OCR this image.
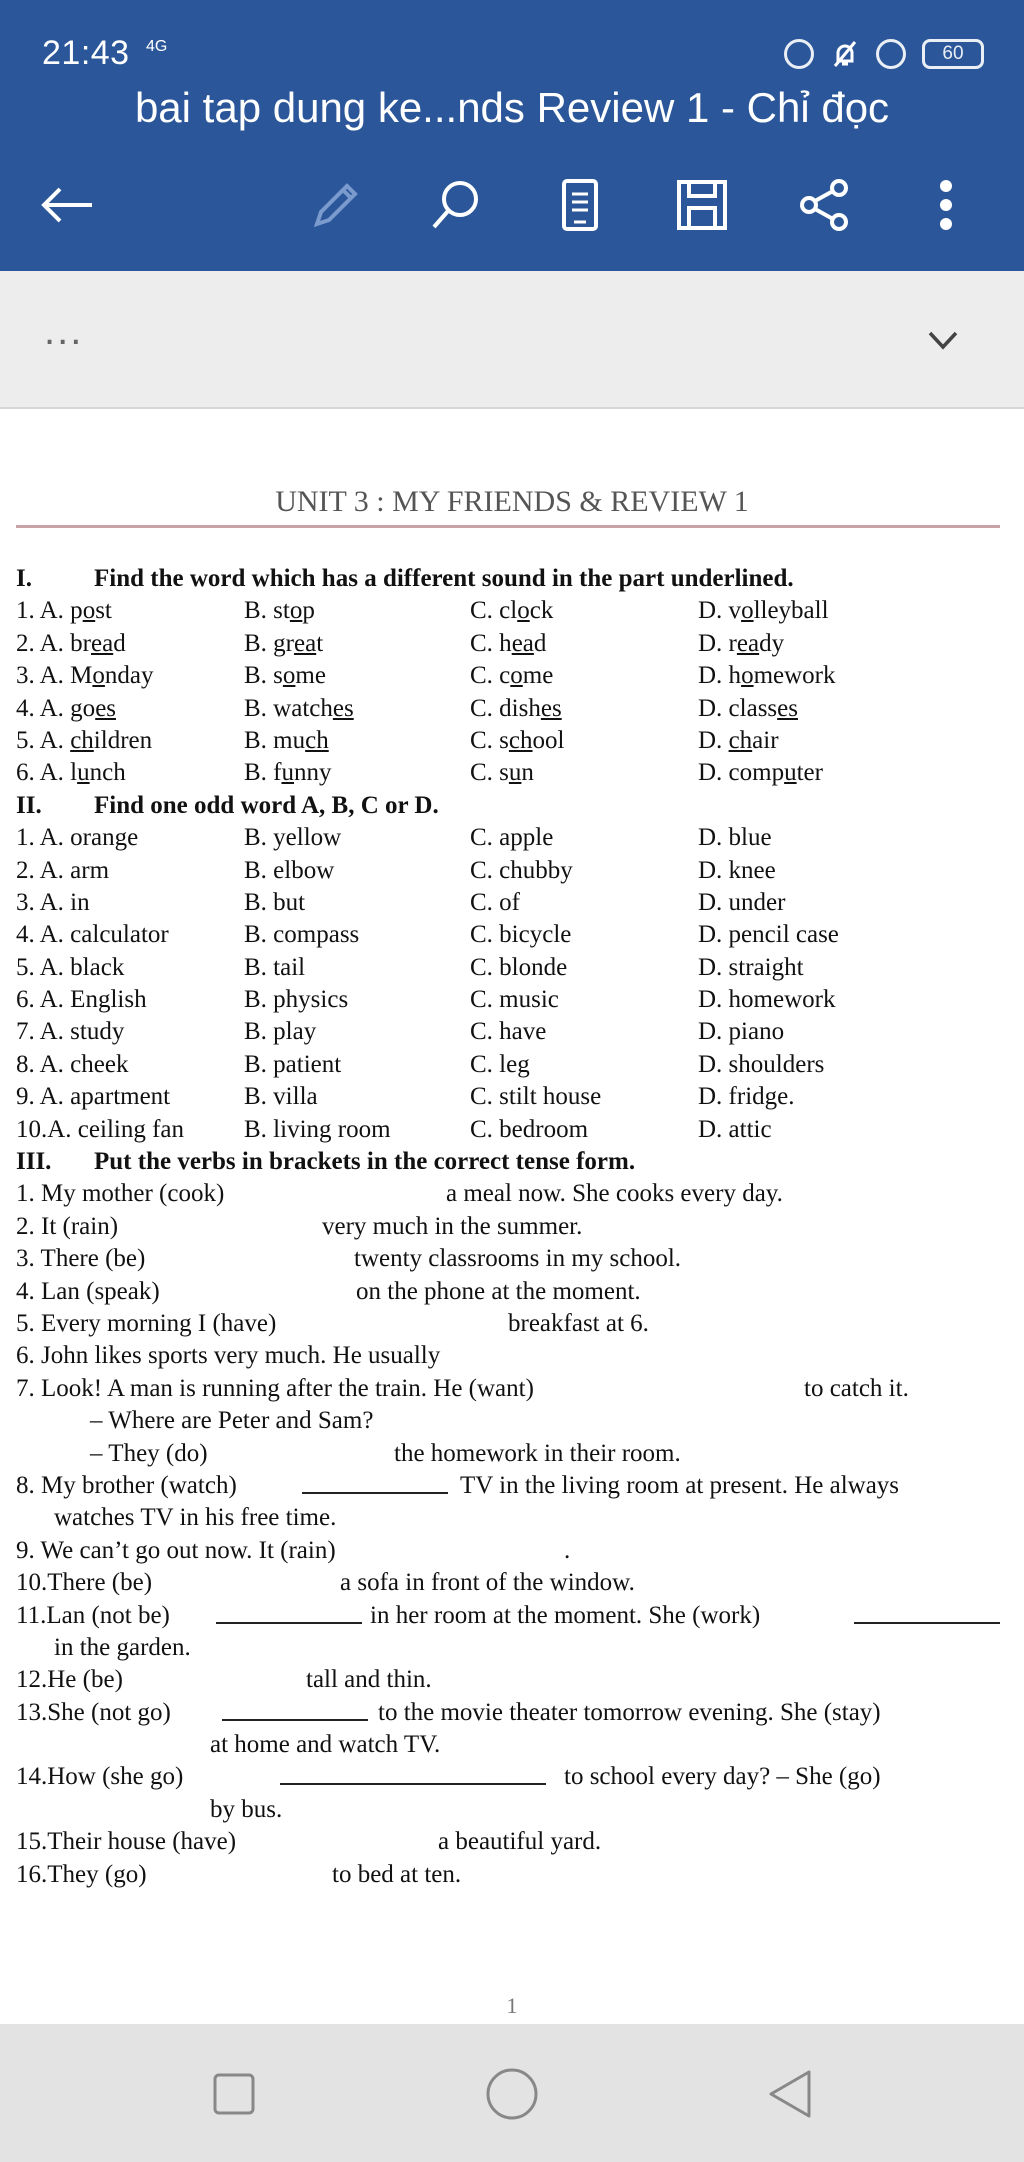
21:43 4G	60
bai tap dung ke...nds Review 1 - Chỉ đọc
...
UNIT 3 : MY FRIENDS & REVIEW 1
I. Find the word which has a different sound in the part underlined.
1. A. post	B. stop	C. clock	D. volleyball
2. A. bread	B. great	C. head	D. ready
3. A. Monday	B. some	C. come	D. homework
4. A. goes	B. watches	C. dishes	D. classes
5. A. children	B. much	C. school	D. chair
6. A. lunch	B. funny	C. sun	D. computer
II. Find one odd word A, B, C or D.
1. A. orange	B. yellow	C. apple	D. blue
2. A. arm	B. elbow	C. chubby	D. knee
3. A. in	B. but	C. of	D. under
4. A. calculator	B. compass	C. bicycle	D. pencil case
5. A. black	B. tail	C. blonde	D. straight
6. A. English	B. physics	C. music	D. homework
7. A. study	B. play	C. have	D. piano
8. A. cheek	B. patient	C. leg	D. shoulders
9. A. apartment	B. villa	C. stilt house	D. fridge.
10.A. ceiling fan B. living room	C. bedroom	D. attic
III. Put the verbs in brackets in the correct tense form.
1. My mother (cook)	a meal now. She cooks every day.
2. It (rain)	very much in the summer.
3. There (be)	twenty classrooms in my school.
4. Lan (speak)	on the phone at the moment.
5. Every morning I (have)	breakfast at 6.
6. John likes sports very much. He usually
7. Look! A man is running after the train. He (want)	to catch it.
– Where are Peter and Sam?
– They (do)	the homework in their room.
8. My brother (watch)	TV in the living room at present. He always
watches TV in his free time.
9. We can’t go out now. It (rain)	.
10.There (be)	a sofa in front of the window.
11.Lan (not be)	in her room at the moment. She (work)
in the garden.
12.He (be)	tall and thin.
13.She (not go)	to the movie theater tomorrow evening. She (stay)
at home and watch TV.
14.How (she go)	to school every day? – She (go)
by bus.
15.Their house (have)	a beautiful yard.
16.They (go)	to bed at ten.
1
